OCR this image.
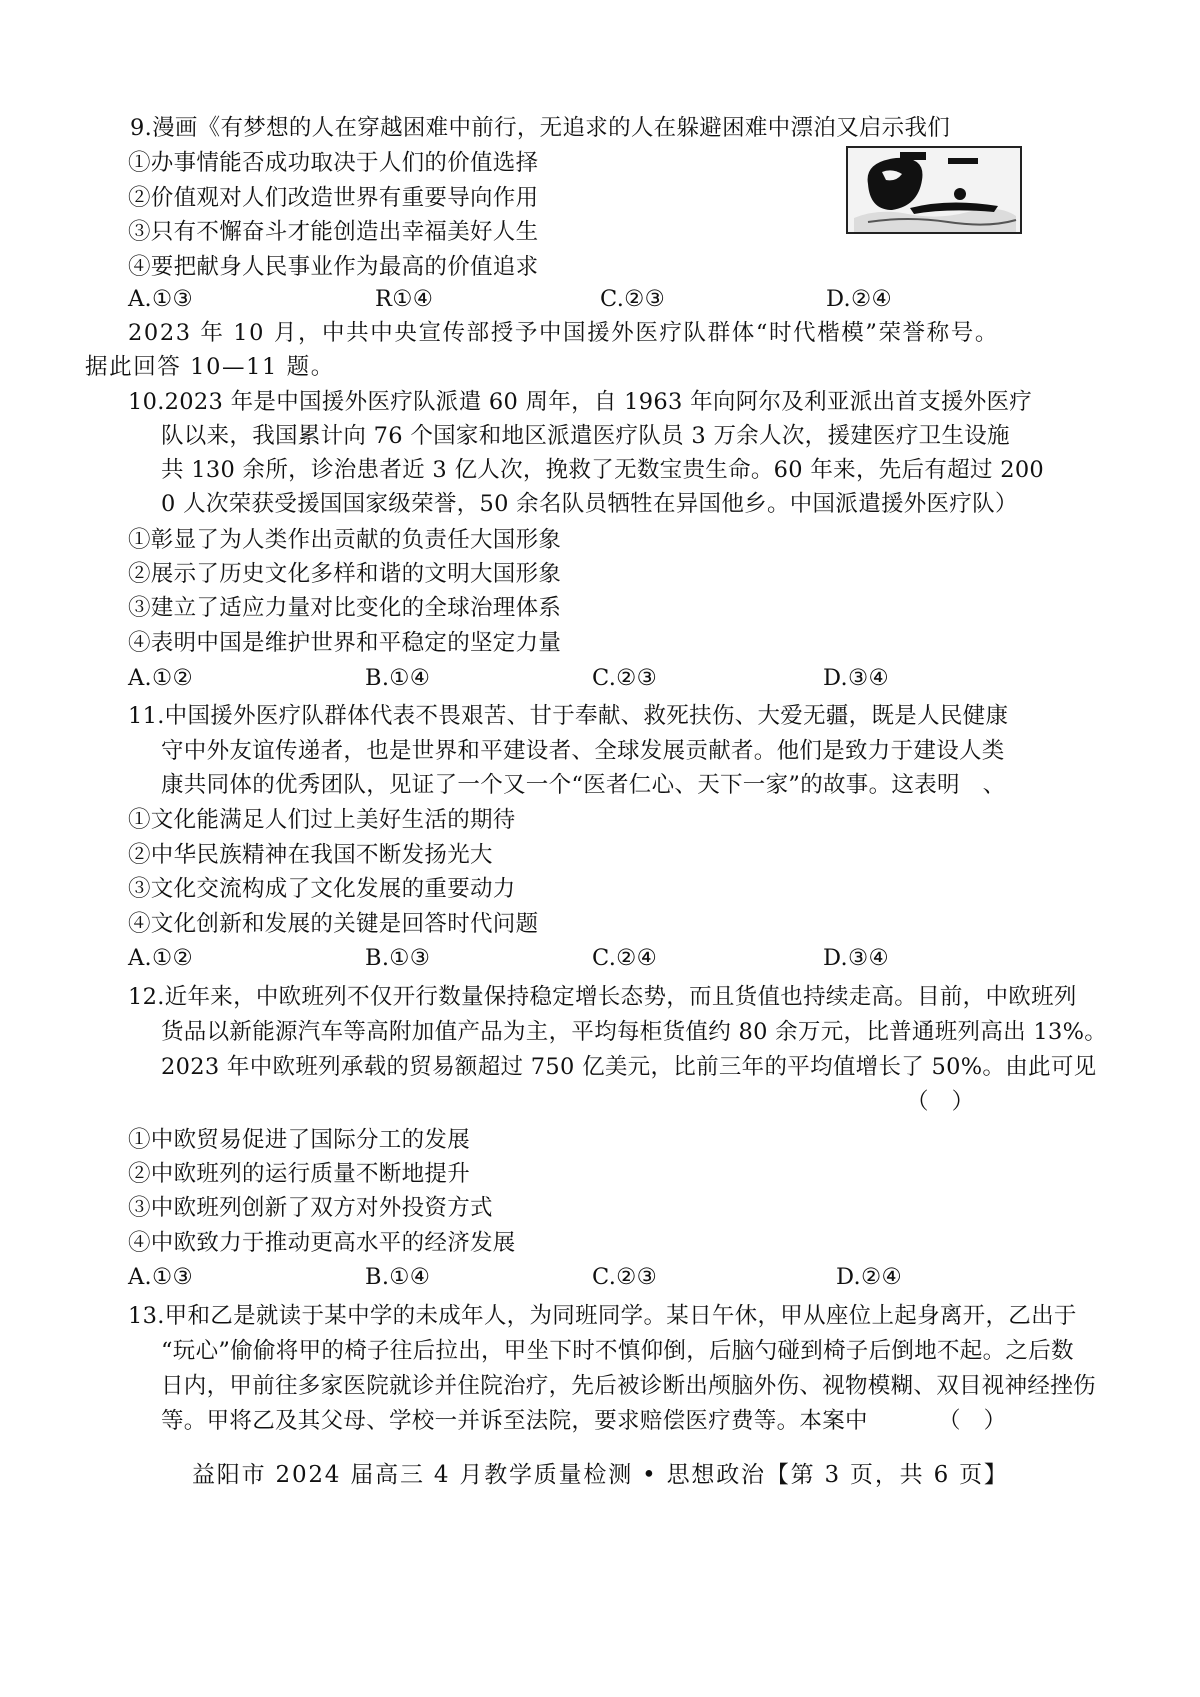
9.漫画《有梦想的人在穿越困难中前行，无追求的人在躲避困难中漂泊又启示我们
①办事情能否成功取决于人们的价值选择
②价值观对人们改造世界有重要导向作用
③只有不懈奋斗才能创造出幸福美好人生
④要把献身人民事业作为最高的价值追求
A.①③	R①④	C.②③	D.②④
2023 年 10 月，中共中央宣传部授予中国援外医疗队群体“时代楷模”荣誉称号。
据此回答 10—11 题。
10.2023 年是中国援外医疗队派遣 60 周年，自 1963 年向阿尔及利亚派出首支援外医疗
队以来，我国累计向 76 个国家和地区派遣医疗队员 3 万余人次，援建医疗卫生设施
共 130 余所，诊治患者近 3 亿人次，挽救了无数宝贵生命。60 年来，先后有超过 200
0 人次荣获受援国国家级荣誉，50 余名队员牺牲在异国他乡。中国派遣援外医疗队）
①彰显了为人类作出贡献的负责任大国形象
②展示了历史文化多样和谐的文明大国形象
③建立了适应力量对比变化的全球治理体系
④表明中国是维护世界和平稳定的坚定力量
A.①②	B.①④	C.②③	D.③④
11.中国援外医疗队群体代表不畏艰苦、甘于奉献、救死扶伤、大爱无疆，既是人民健康
守中外友谊传递者，也是世界和平建设者、全球发展贡献者。他们是致力于建设人类
康共同体的优秀团队，见证了一个又一个“医者仁心、天下一家”的故事。这表明　、
①文化能满足人们过上美好生活的期待
②中华民族精神在我国不断发扬光大
③文化交流构成了文化发展的重要动力
④文化创新和发展的关键是回答时代问题
A.①②	B.①③	C.②④	D.③④
12.近年来，中欧班列不仅开行数量保持稳定增长态势，而且货值也持续走高。目前，中欧班列
货品以新能源汽车等高附加值产品为主，平均每柜货值约 80 余万元，比普通班列高出 13%。
2023 年中欧班列承载的贸易额超过 750 亿美元，比前三年的平均值增长了 50%。由此可见
（　）
①中欧贸易促进了国际分工的发展
②中欧班列的运行质量不断地提升
③中欧班列创新了双方对外投资方式
④中欧致力于推动更高水平的经济发展
A.①③	B.①④	C.②③	D.②④
13.甲和乙是就读于某中学的未成年人，为同班同学。某日午休，甲从座位上起身离开，乙出于
“玩心”偷偷将甲的椅子往后拉出，甲坐下时不慎仰倒，后脑勺碰到椅子后倒地不起。之后数
日内，甲前往多家医院就诊并住院治疗，先后被诊断出颅脑外伤、视物模糊、双目视神经挫伤
等。甲将乙及其父母、学校一并诉至法院，要求赔偿医疗费等。本案中	（　）
益阳市 2024 届高三 4 月教学质量检测 • 思想政治【第 3 页，共 6 页】
